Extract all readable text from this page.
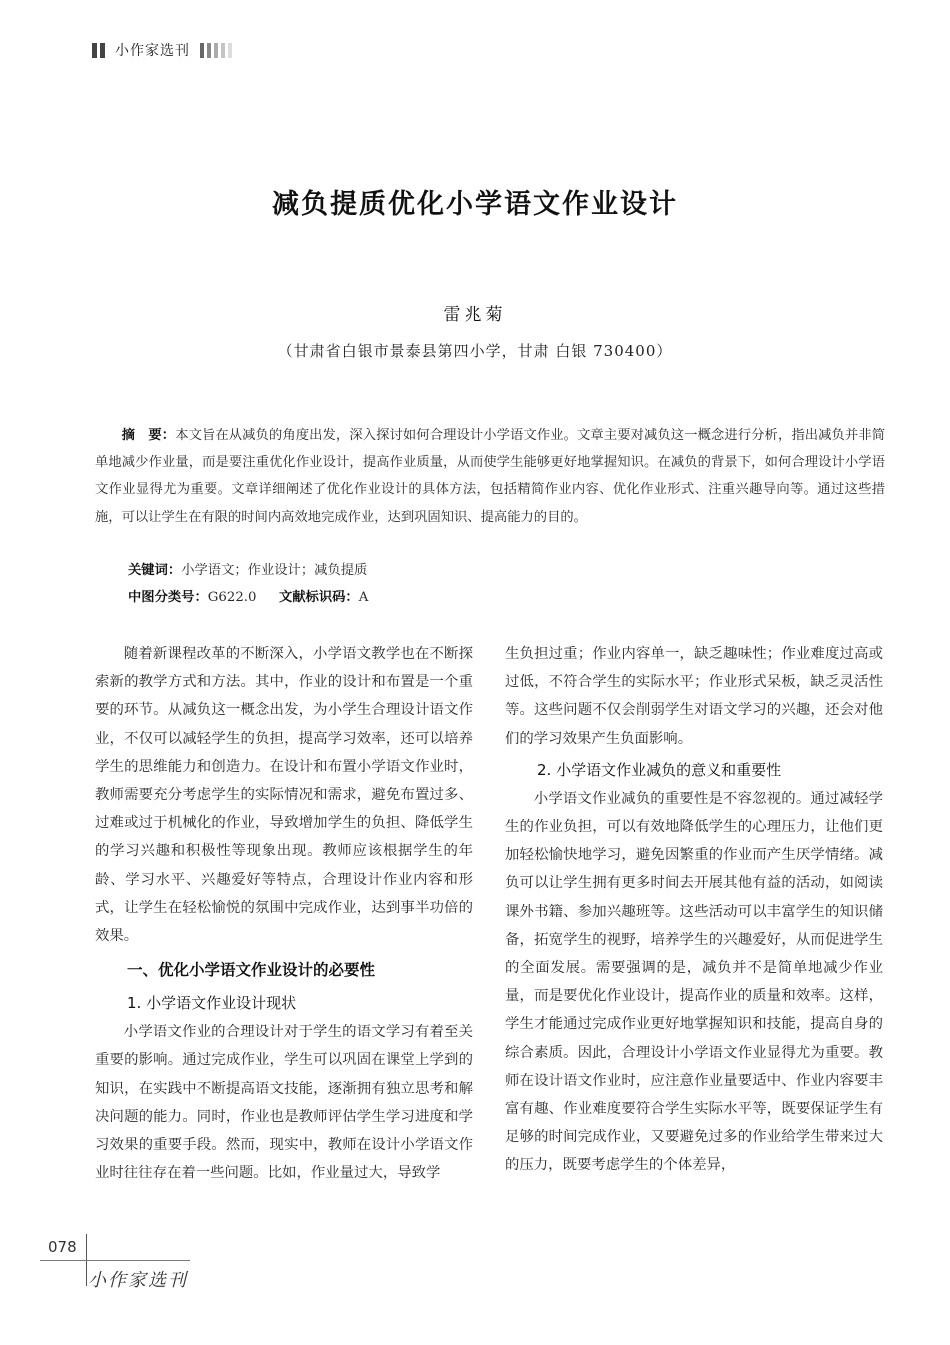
小作家选刊
减负提质优化小学语文作业设计
雷兆菊
（甘肃省白银市景泰县第四小学，甘肃 白银 730400）
摘　要：本文旨在从减负的角度出发，深入探讨如何合理设计小学语文作业。文章主要对减负这一概念进行分析，指出减负并非简单地减少作业量，而是要注重优化作业设计，提高作业质量，从而使学生能够更好地掌握知识。在减负的背景下，如何合理设计小学语文作业显得尤为重要。文章详细阐述了优化作业设计的具体方法，包括精简作业内容、优化作业形式、注重兴趣导向等。通过这些措施，可以让学生在有限的时间内高效地完成作业，达到巩固知识、提高能力的目的。
关键词：小学语文；作业设计；减负提质
中图分类号：G622.0 文献标识码：A

随着新课程改革的不断深入，小学语文教学也在不断探索新的教学方式和方法。其中，作业的设计和布置是一个重要的环节。从减负这一概念出发，为小学生合理设计语文作业，不仅可以减轻学生的负担，提高学习效率，还可以培养学生的思维能力和创造力。在设计和布置小学语文作业时，教师需要充分考虑学生的实际情况和需求，避免布置过多、过难或过于机械化的作业，导致增加学生的负担、降低学生的学习兴趣和积极性等现象出现。教师应该根据学生的年龄、学习水平、兴趣爱好等特点，合理设计作业内容和形式，让学生在轻松愉悦的氛围中完成作业，达到事半功倍的效果。

一、优化小学语文作业设计的必要性
1. 小学语文作业设计现状

小学语文作业的合理设计对于学生的语文学习有着至关重要的影响。通过完成作业，学生可以巩固在课堂上学到的知识，在实践中不断提高语文技能，逐渐拥有独立思考和解决问题的能力。同时，作业也是教师评估学生学习进度和学习效果的重要手段。然而，现实中，教师在设计小学语文作业时往往存在着一些问题。比如，作业量过大，导致学

生负担过重；作业内容单一，缺乏趣味性；作业难度过高或过低，不符合学生的实际水平；作业形式呆板，缺乏灵活性等。这些问题不仅会削弱学生对语文学习的兴趣，还会对他们的学习效果产生负面影响。

2. 小学语文作业减负的意义和重要性

小学语文作业减负的重要性是不容忽视的。通过减轻学生的作业负担，可以有效地降低学生的心理压力，让他们更加轻松愉快地学习，避免因繁重的作业而产生厌学情绪。减负可以让学生拥有更多时间去开展其他有益的活动，如阅读课外书籍、参加兴趣班等。这些活动可以丰富学生的知识储备，拓宽学生的视野，培养学生的兴趣爱好，从而促进学生的全面发展。需要强调的是，减负并不是简单地减少作业量，而是要优化作业设计，提高作业的质量和效率。这样，学生才能通过完成作业更好地掌握知识和技能，提高自身的综合素质。因此，合理设计小学语文作业显得尤为重要。教师在设计语文作业时，应注意作业量要适中、作业内容要丰富有趣、作业难度要符合学生实际水平等，既要保证学生有足够的时间完成作业，又要避免过多的作业给学生带来过大的压力，既要考虑学生的个体差异，

078
小作家选刊
